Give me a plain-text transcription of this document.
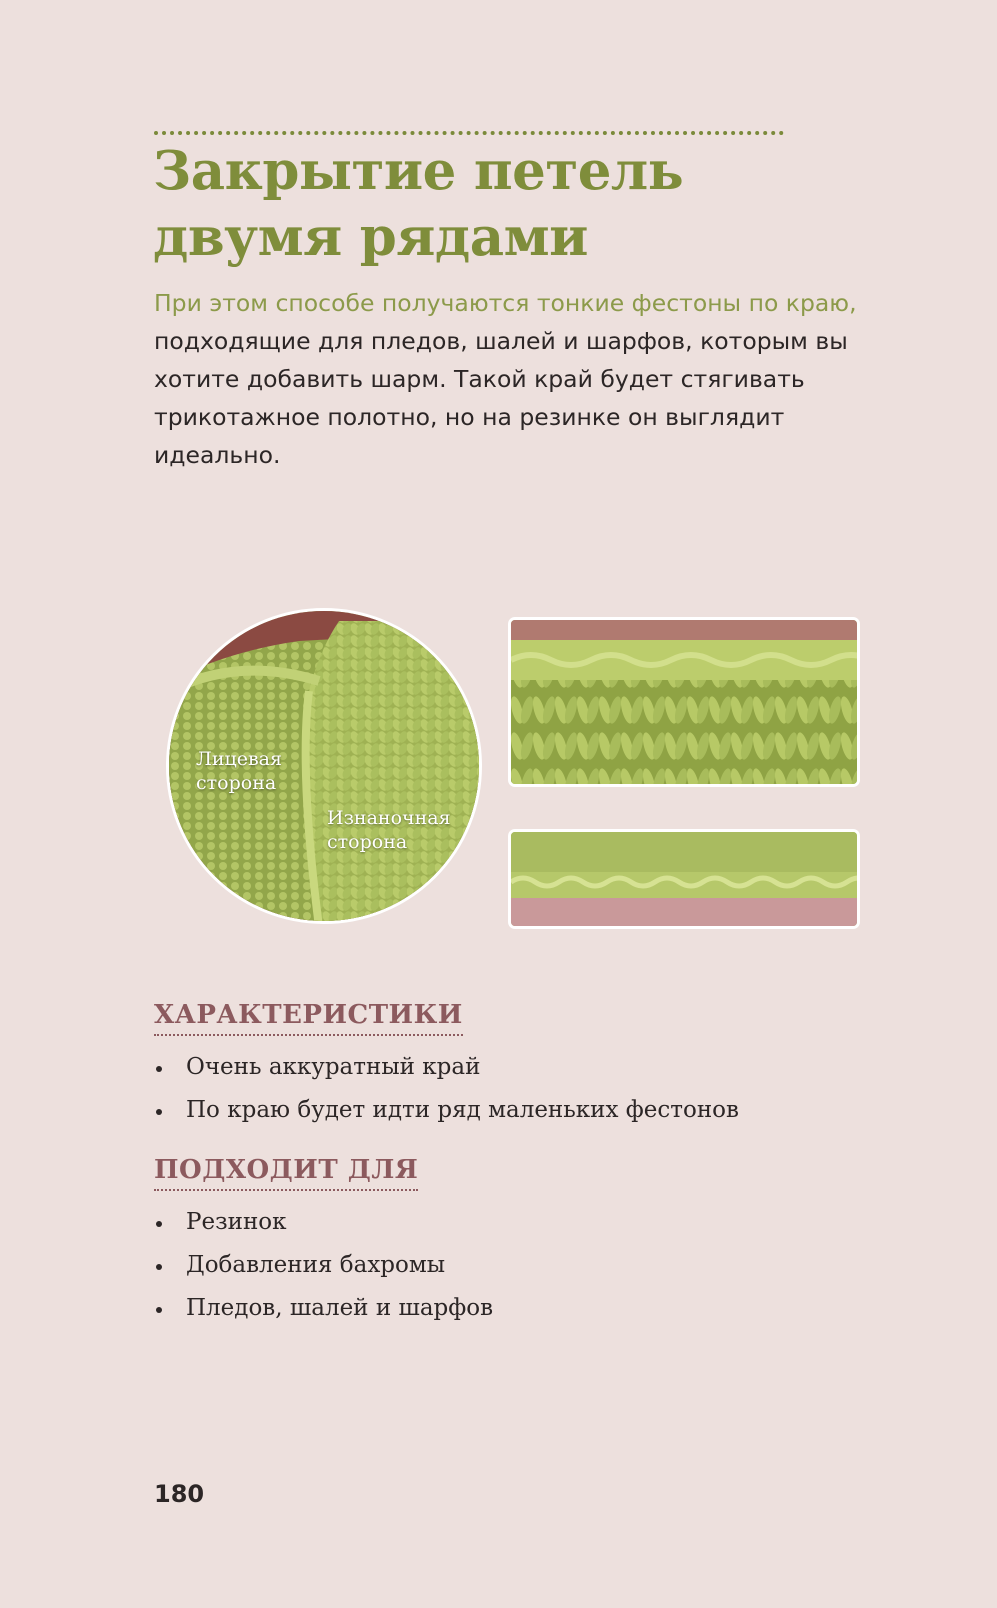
Закрытие петель двумя рядами

При этом способе получаются тонкие фестоны по краю, подходящие для пледов, шалей и шарфов, которым вы хотите добавить шарм. Такой край будет стягивать трикотажное полотно, но на резинке он выглядит идеально.

Лицевая
сторона
Изнаночная
сторона
ХАРАКТЕРИСТИКИ
Очень аккуратный край
По краю будет идти ряд маленьких фестонов
ПОДХОДИТ ДЛЯ
Резинок
Добавления бахромы
Пледов, шалей и шарфов
180
